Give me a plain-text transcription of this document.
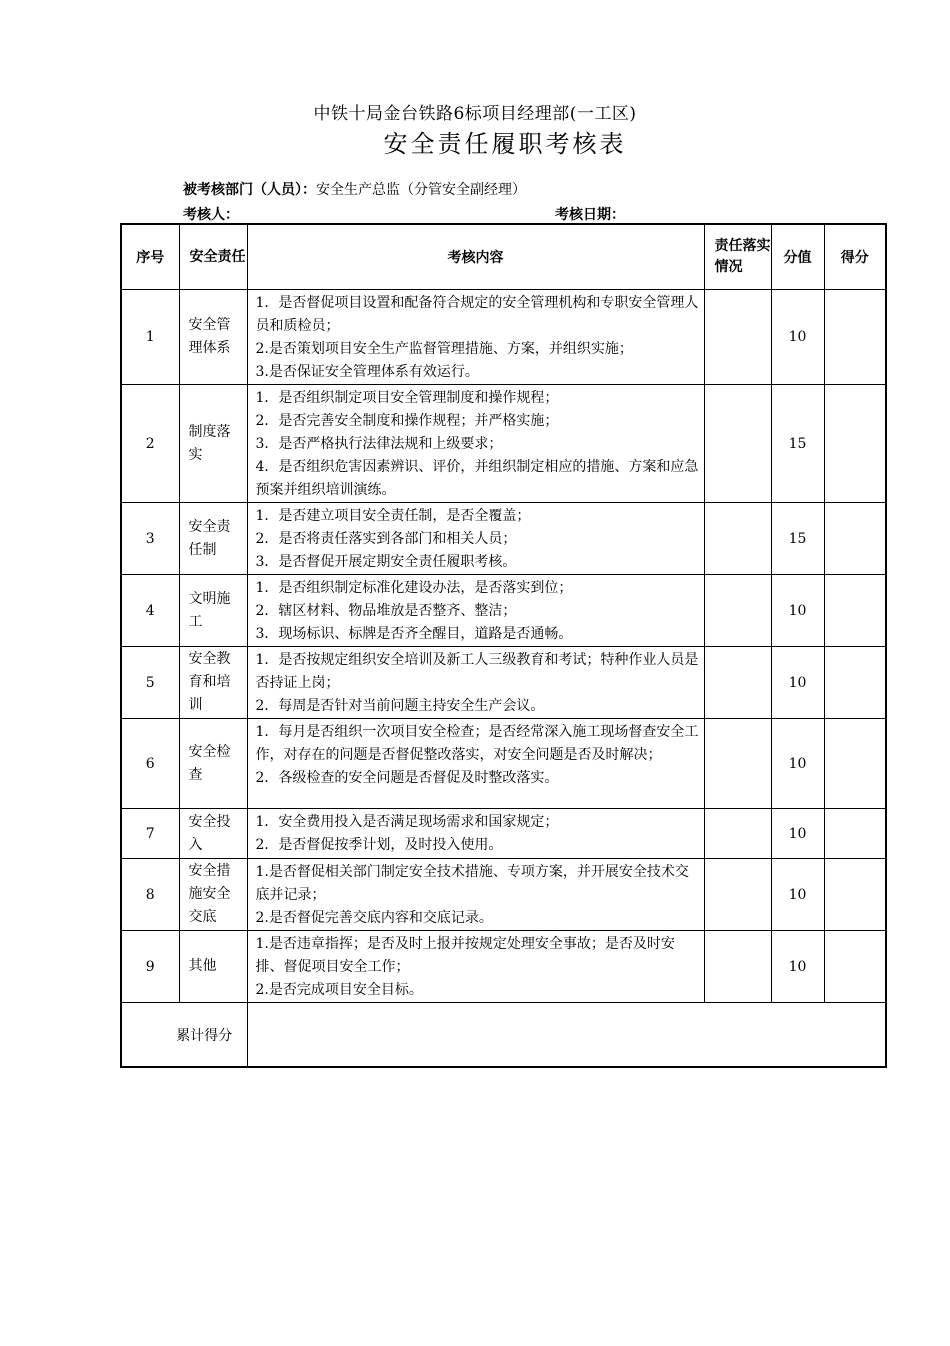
中铁十局金台铁路6标项目经理部(一工区)
安全责任履职考核表
被考核部门（人员）：安全生产总监（分管安全副经理）
考核人：	考核日期：
序号	安全责任	考核内容	责任落实情况	分值	得分
1	安全管理体系	1．是否督促项目设置和配备符合规定的安全管理机构和专职安全管理人员和质检员；
2.是否策划项目安全生产监督管理措施、方案，并组织实施；
3.是否保证安全管理体系有效运行。		10	
2	制度落实	1．是否组织制定项目安全管理制度和操作规程；
2．是否完善安全制度和操作规程；并严格实施；
3．是否严格执行法律法规和上级要求；
4．是否组织危害因素辨识、评价，并组织制定相应的措施、方案和应急预案并组织培训演练。		15	
3	安全责任制	1．是否建立项目安全责任制，是否全覆盖；
2．是否将责任落实到各部门和相关人员；
3．是否督促开展定期安全责任履职考核。		15	
4	文明施工	1．是否组织制定标准化建设办法，是否落实到位；
2．辖区材料、物品堆放是否整齐、整洁；
3．现场标识、标牌是否齐全醒目，道路是否通畅。		10	
5	安全教育和培训	1．是否按规定组织安全培训及新工人三级教育和考试；特种作业人员是否持证上岗；
2．每周是否针对当前问题主持安全生产会议。		10	
6	安全检查	1．每月是否组织一次项目安全检查；是否经常深入施工现场督查安全工作，对存在的问题是否督促整改落实，对安全问题是否及时解决；
2．各级检查的安全问题是否督促及时整改落实。		10	
7	安全投入	1．安全费用投入是否满足现场需求和国家规定；
2．是否督促按季计划，及时投入使用。		10	
8	安全措施安全交底	1.是否督促相关部门制定安全技术措施、专项方案，并开展安全技术交底并记录；
2.是否督促完善交底内容和交底记录。		10	
9	其他	1.是否违章指挥；是否及时上报并按规定处理安全事故；是否及时安排、督促项目安全工作；
2.是否完成项目安全目标。		10	
累计得分					
